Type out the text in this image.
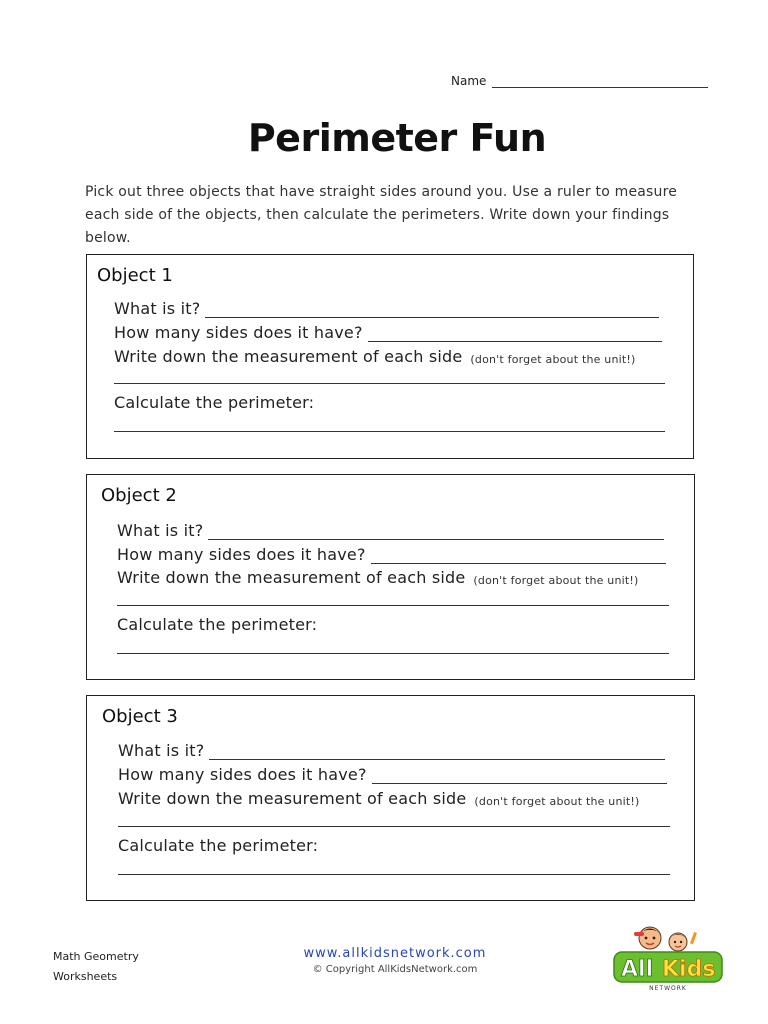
Name
Perimeter Fun
Pick out three objects that have straight sides around you. Use a ruler to measure each side of the objects, then calculate the perimeters. Write down your findings below.
Object 1
What is it?
How many sides does it have?
Write down the measurement of each side (don't forget about the unit!)
Calculate the perimeter:
Object 2
What is it?
How many sides does it have?
Write down the measurement of each side (don't forget about the unit!)
Calculate the perimeter:
Object 3
What is it?
How many sides does it have?
Write down the measurement of each side (don't forget about the unit!)
Calculate the perimeter:
Math Geometry
Worksheets
www.allkidsnetwork.com
© Copyright AllKidsNetwork.com	All Kids
NETWORK
